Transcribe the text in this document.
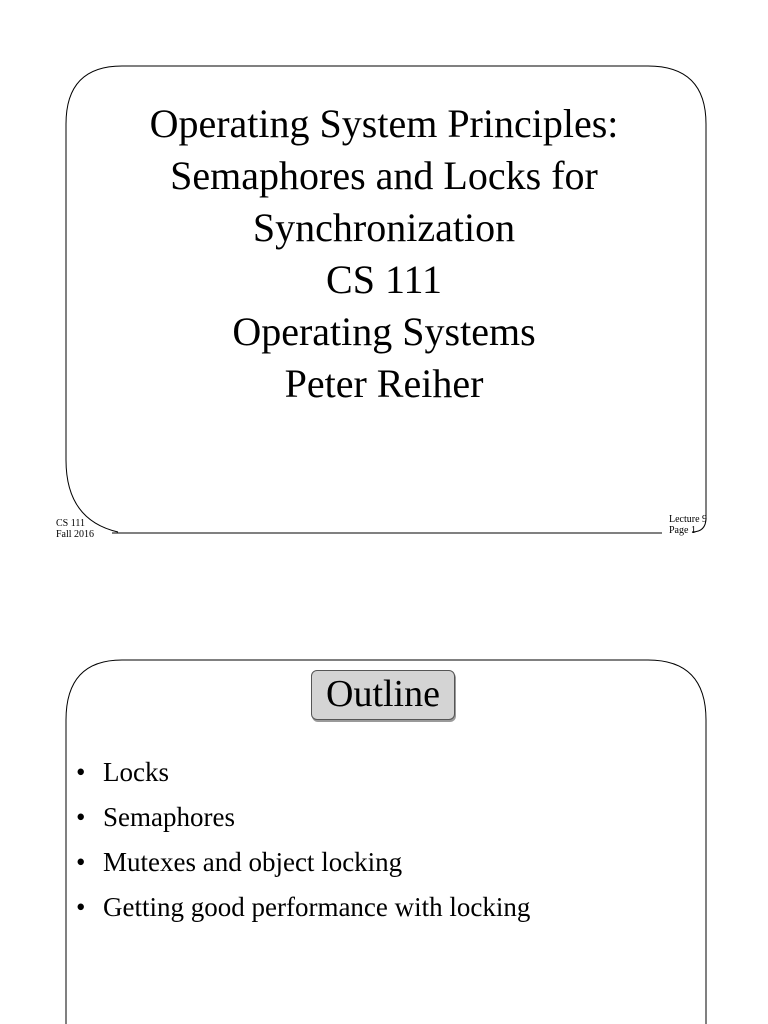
Operating System Principles:
Semaphores and Locks for
Synchronization
CS 111
Operating Systems
Peter Reiher
CS 111
Fall 2016
Lecture 9
Page 1
Outline
• Locks
• Semaphores
• Mutexes and object locking
• Getting good performance with locking
